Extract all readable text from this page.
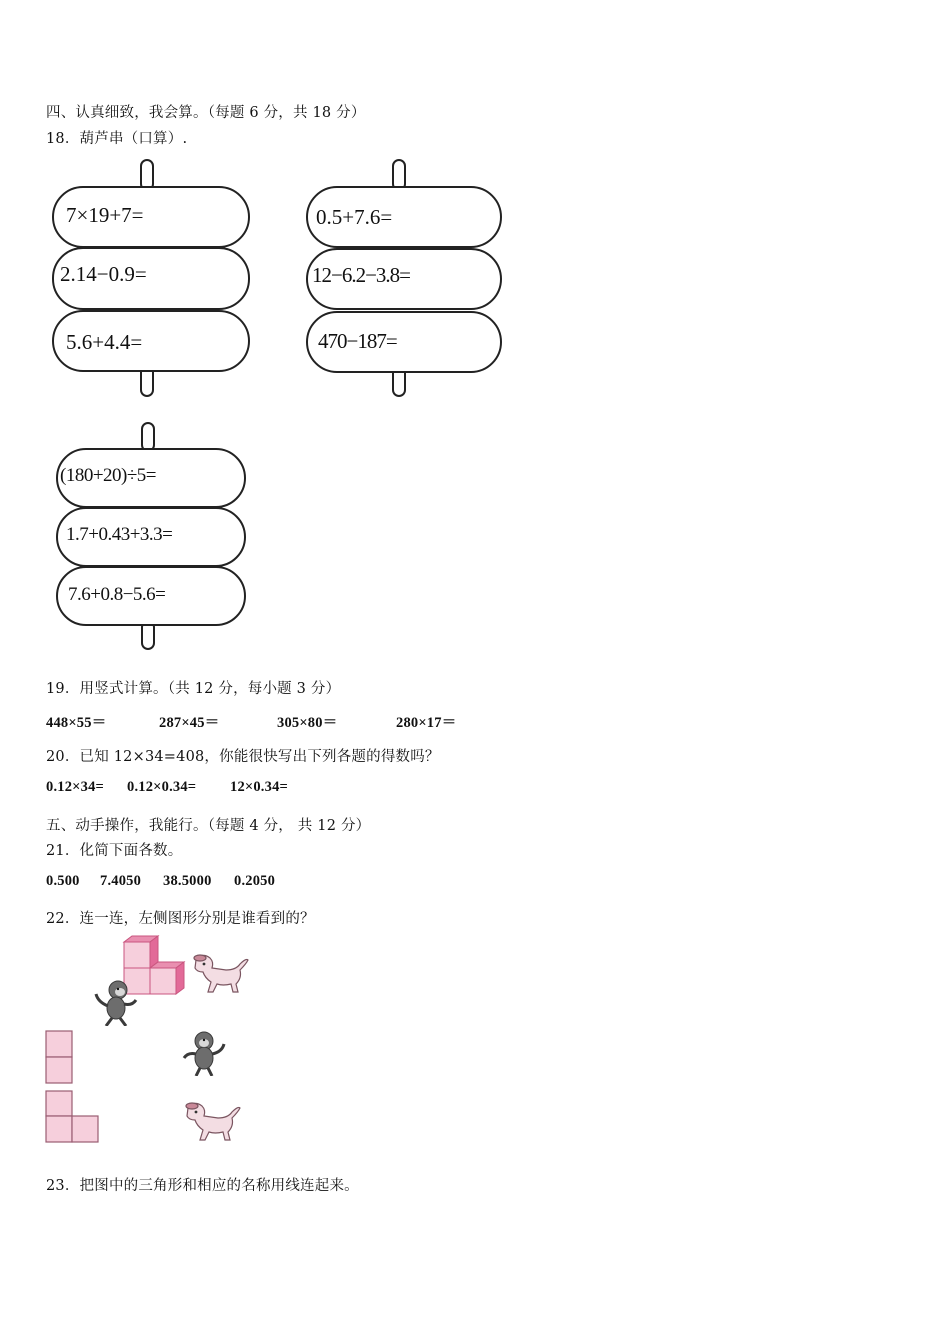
四、认真细致，我会算。（每题 6 分，共 18 分）
18．葫芦串（口算）.
7×19+7=
2.14−0.9=
5.6+4.4=
0.5+7.6=
12−6.2−3.8=
470−187=
(180+20)÷5=
1.7+0.43+3.3=
7.6+0.8−5.6=
19．用竖式计算。（共 12 分，每小题 3 分）
448×55＝	287×45＝	305×80＝	280×17＝
20．已知 12×34=408，你能很快写出下列各题的得数吗？
0.12×34= 0.12×0.34= 12×0.34=
五、动手操作，我能行。（每题 4 分， 共 12 分）
21．化简下面各数。
0.500 7.4050 38.5000 0.2050
22．连一连，左侧图形分别是谁看到的？
23．把图中的三角形和相应的名称用线连起来。
